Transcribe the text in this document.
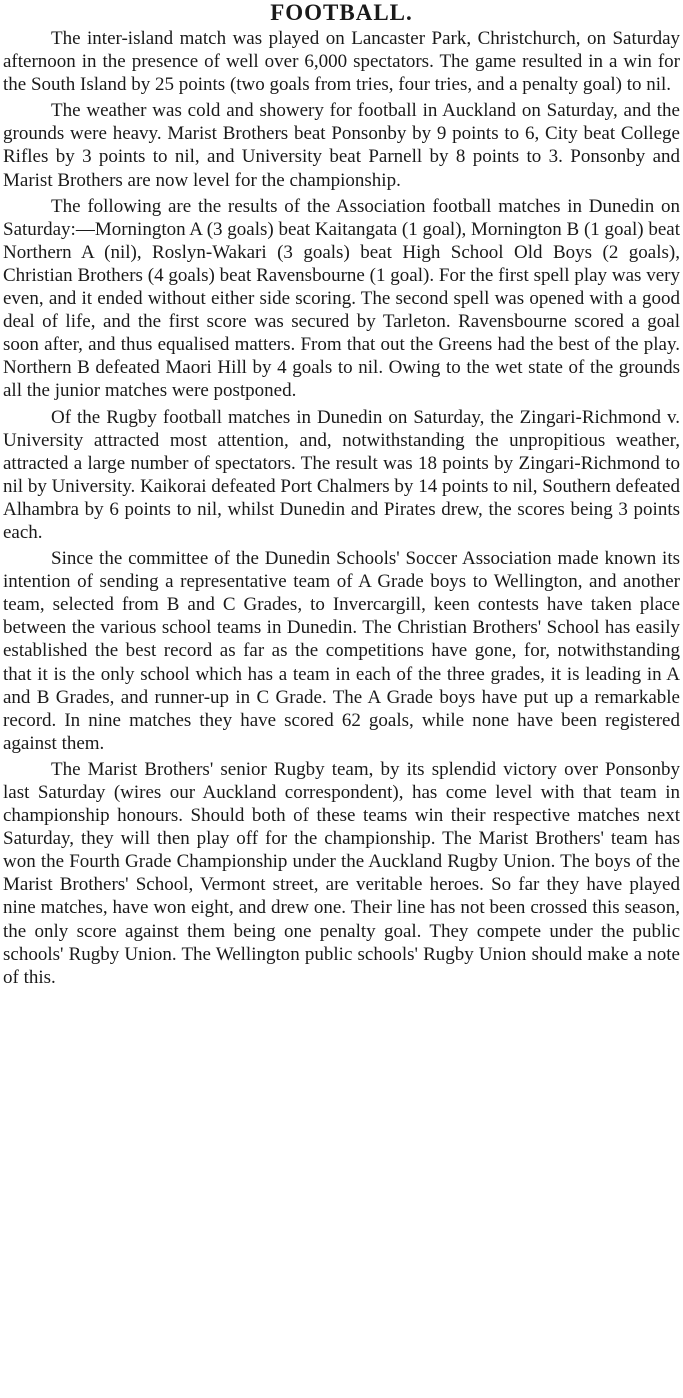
FOOTBALL.

The inter-island match was played on Lancaster Park, Christchurch, on Saturday afternoon in the presence of well over 6,000 spectators. The game resulted in a win for the South Island by 25 points (two goals from tries, four tries, and a penalty goal) to nil.

The weather was cold and showery for football in Auckland on Saturday, and the grounds were heavy. Marist Brothers beat Ponsonby by 9 points to 6, City beat College Rifles by 3 points to nil, and University beat Parnell by 8 points to 3. Ponsonby and Marist Brothers are now level for the championship.

The following are the results of the Association football matches in Dunedin on Saturday:—Mornington A (3 goals) beat Kaitangata (1 goal), Mornington B (1 goal) beat Northern A (nil), Roslyn-Wakari (3 goals) beat High School Old Boys (2 goals), Christian Brothers (4 goals) beat Ravensbourne (1 goal). For the first spell play was very even, and it ended without either side scoring. The second spell was opened with a good deal of life, and the first score was secured by Tarleton. Ravensbourne scored a goal soon after, and thus equalised matters. From that out the Greens had the best of the play. Northern B defeated Maori Hill by 4 goals to nil. Owing to the wet state of the grounds all the junior matches were postponed.

Of the Rugby football matches in Dunedin on Saturday, the Zingari-Richmond v. University attracted most attention, and, notwithstanding the unpropitious weather, attracted a large number of spectators. The result was 18 points by Zingari-Richmond to nil by University. Kaikorai defeated Port Chalmers by 14 points to nil, Southern defeated Alhambra by 6 points to nil, whilst Dunedin and Pirates drew, the scores being 3 points each.

Since the committee of the Dunedin Schools' Soccer Association made known its intention of sending a representative team of A Grade boys to Wellington, and another team, selected from B and C Grades, to Invercargill, keen contests have taken place between the various school teams in Dunedin. The Christian Brothers' School has easily established the best record as far as the competitions have gone, for, notwithstanding that it is the only school which has a team in each of the three grades, it is leading in A and B Grades, and runner-up in C Grade. The A Grade boys have put up a remarkable record. In nine matches they have scored 62 goals, while none have been registered against them.

The Marist Brothers' senior Rugby team, by its splendid victory over Ponsonby last Saturday (wires our Auckland correspondent), has come level with that team in championship honours. Should both of these teams win their respective matches next Saturday, they will then play off for the championship. The Marist Brothers' team has won the Fourth Grade Championship under the Auckland Rugby Union. The boys of the Marist Brothers' School, Vermont street, are veritable heroes. So far they have played nine matches, have won eight, and drew one. Their line has not been crossed this season, the only score against them being one penalty goal. They compete under the public schools' Rugby Union. The Wellington public schools' Rugby Union should make a note of this.
